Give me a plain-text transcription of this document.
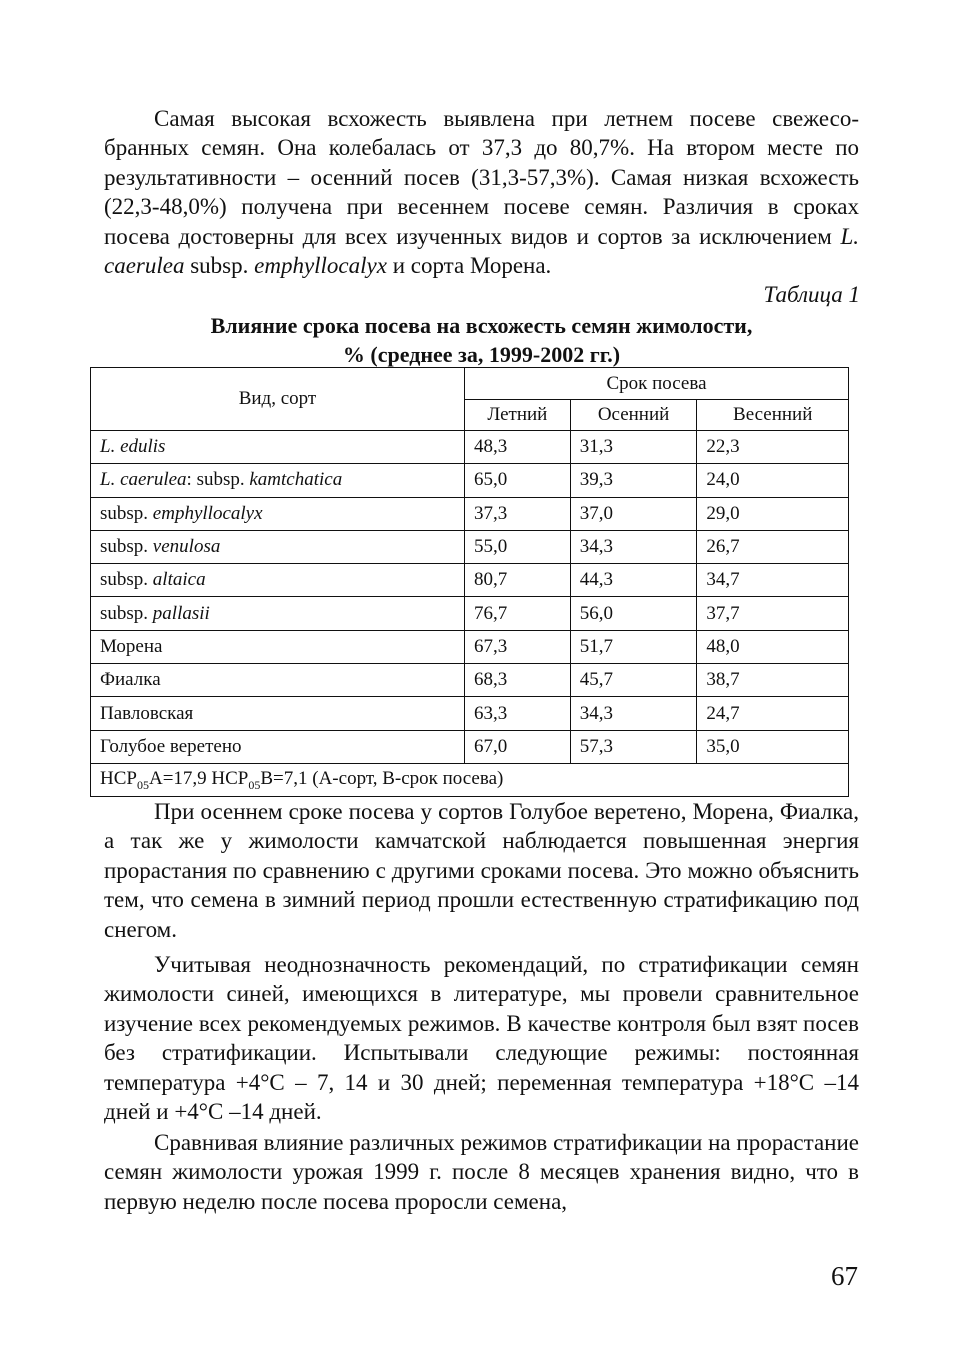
Самая высокая всхожесть выявлена при летнем посеве свежесо-бранных семян. Она колебалась от 37,3 до 80,7%. На втором месте по результативности – осенний посев (31,3-57,3%). Самая низкая всхожесть (22,3-48,0%) получена при весеннем посеве семян. Различия в сроках посева достоверны для всех изученных видов и сортов за исключением L. caerulea subsp. emphyllocalyx и сорта Морена.

Таблица 1
Влияние срока посева на всхожесть семян жимолости,
% (среднее за, 1999-2002 гг.)
Вид, сорт	Срок посева		
	Летний	Осенний	Весенний
L. edulis	48,3	31,3	22,3
L. caerulea: subsp. kamtchatica	65,0	39,3	24,0
subsp. emphyllocalyx	37,3	37,0	29,0
subsp. venulosa	55,0	34,3	26,7
subsp. altaica	80,7	44,3	34,7
subsp. pallasii	76,7	56,0	37,7
Морена	67,3	51,7	48,0
Фиалка	68,3	45,7	38,7
Павловская	63,3	34,3	24,7
Голубое веретено	67,0	57,3	35,0
$НСР_{05}А=17,9$ $НСР_{05}В=7,1$ (А-сорт, В-срок посева)			

При осеннем сроке посева у сортов Голубое веретено, Морена, Фиалка, а так же у жимолости камчатской наблюдается повышенная энергия прорастания по сравнению с другими сроками посева. Это можно объяснить тем, что семена в зимний период прошли естественную стратификацию под снегом.

Учитывая неоднозначность рекомендаций, по стратификации семян жимолости синей, имеющихся в литературе, мы провели сравнительное изучение всех рекомендуемых режимов. В качестве контроля был взят посев без стратификации. Испытывали следующие режимы: постоянная температура +4°С – 7, 14 и 30 дней; переменная температура +18°С –14 дней и +4°С –14 дней.

Сравнивая влияние различных режимов стратификации на прорастание семян жимолости урожая 1999 г. после 8 месяцев хранения видно, что в первую неделю после посева проросли семена,

67
